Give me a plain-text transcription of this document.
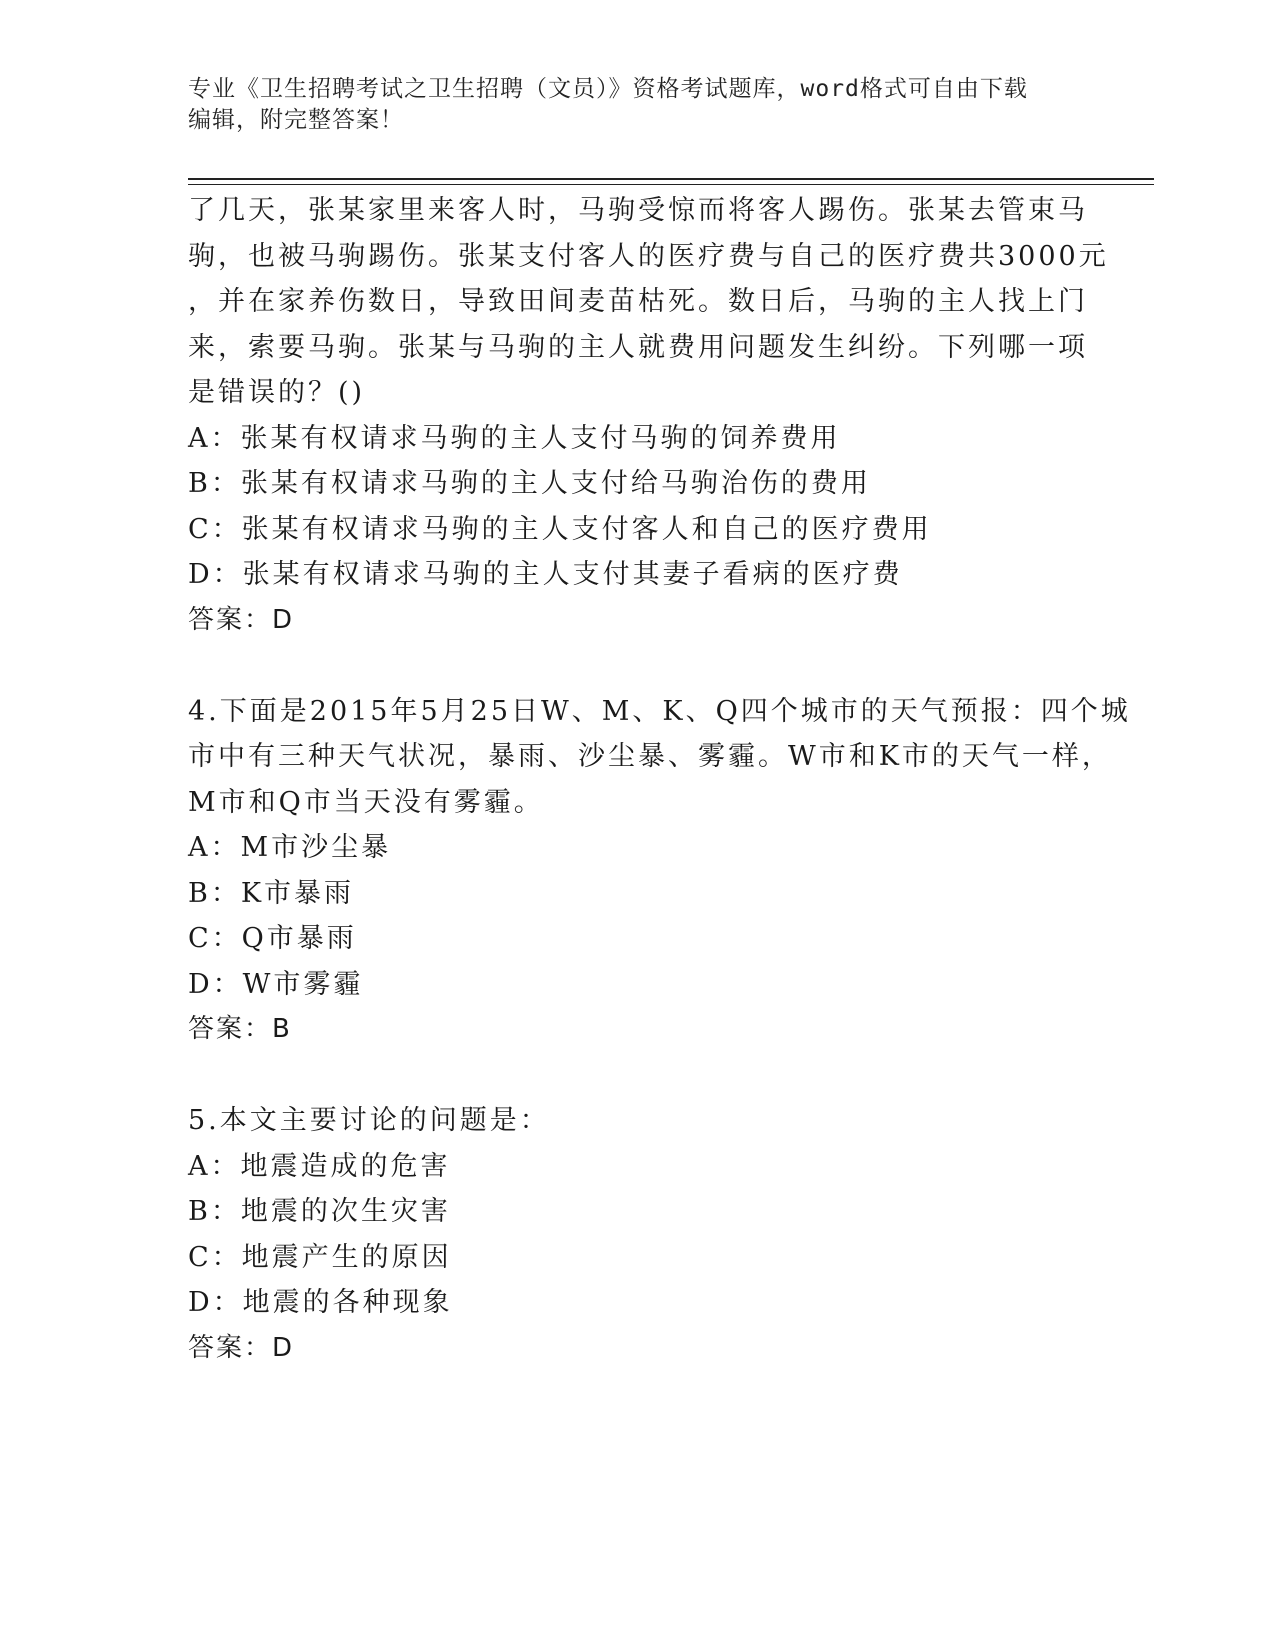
专业《卫生招聘考试之卫生招聘（文员）》资格考试题库，word格式可自由下载
编辑，附完整答案！
了几天，张某家里来客人时，马驹受惊而将客人踢伤。张某去管束马
驹，也被马驹踢伤。张某支付客人的医疗费与自己的医疗费共3000元
，并在家养伤数日，导致田间麦苗枯死。数日后，马驹的主人找上门
来，索要马驹。张某与马驹的主人就费用问题发生纠纷。下列哪一项
是错误的？()
A：张某有权请求马驹的主人支付马驹的饲养费用
B：张某有权请求马驹的主人支付给马驹治伤的费用
C：张某有权请求马驹的主人支付客人和自己的医疗费用
D：张某有权请求马驹的主人支付其妻子看病的医疗费
答案：D
4.下面是2015年5月25日W、M、K、Q四个城市的天气预报：四个城
市中有三种天气状况，暴雨、沙尘暴、雾霾。W市和K市的天气一样，
M市和Q市当天没有雾霾。
A：M市沙尘暴
B：K市暴雨
C：Q市暴雨
D：W市雾霾
答案：B
5.本文主要讨论的问题是：
A：地震造成的危害
B：地震的次生灾害
C：地震产生的原因
D：地震的各种现象
答案：D
